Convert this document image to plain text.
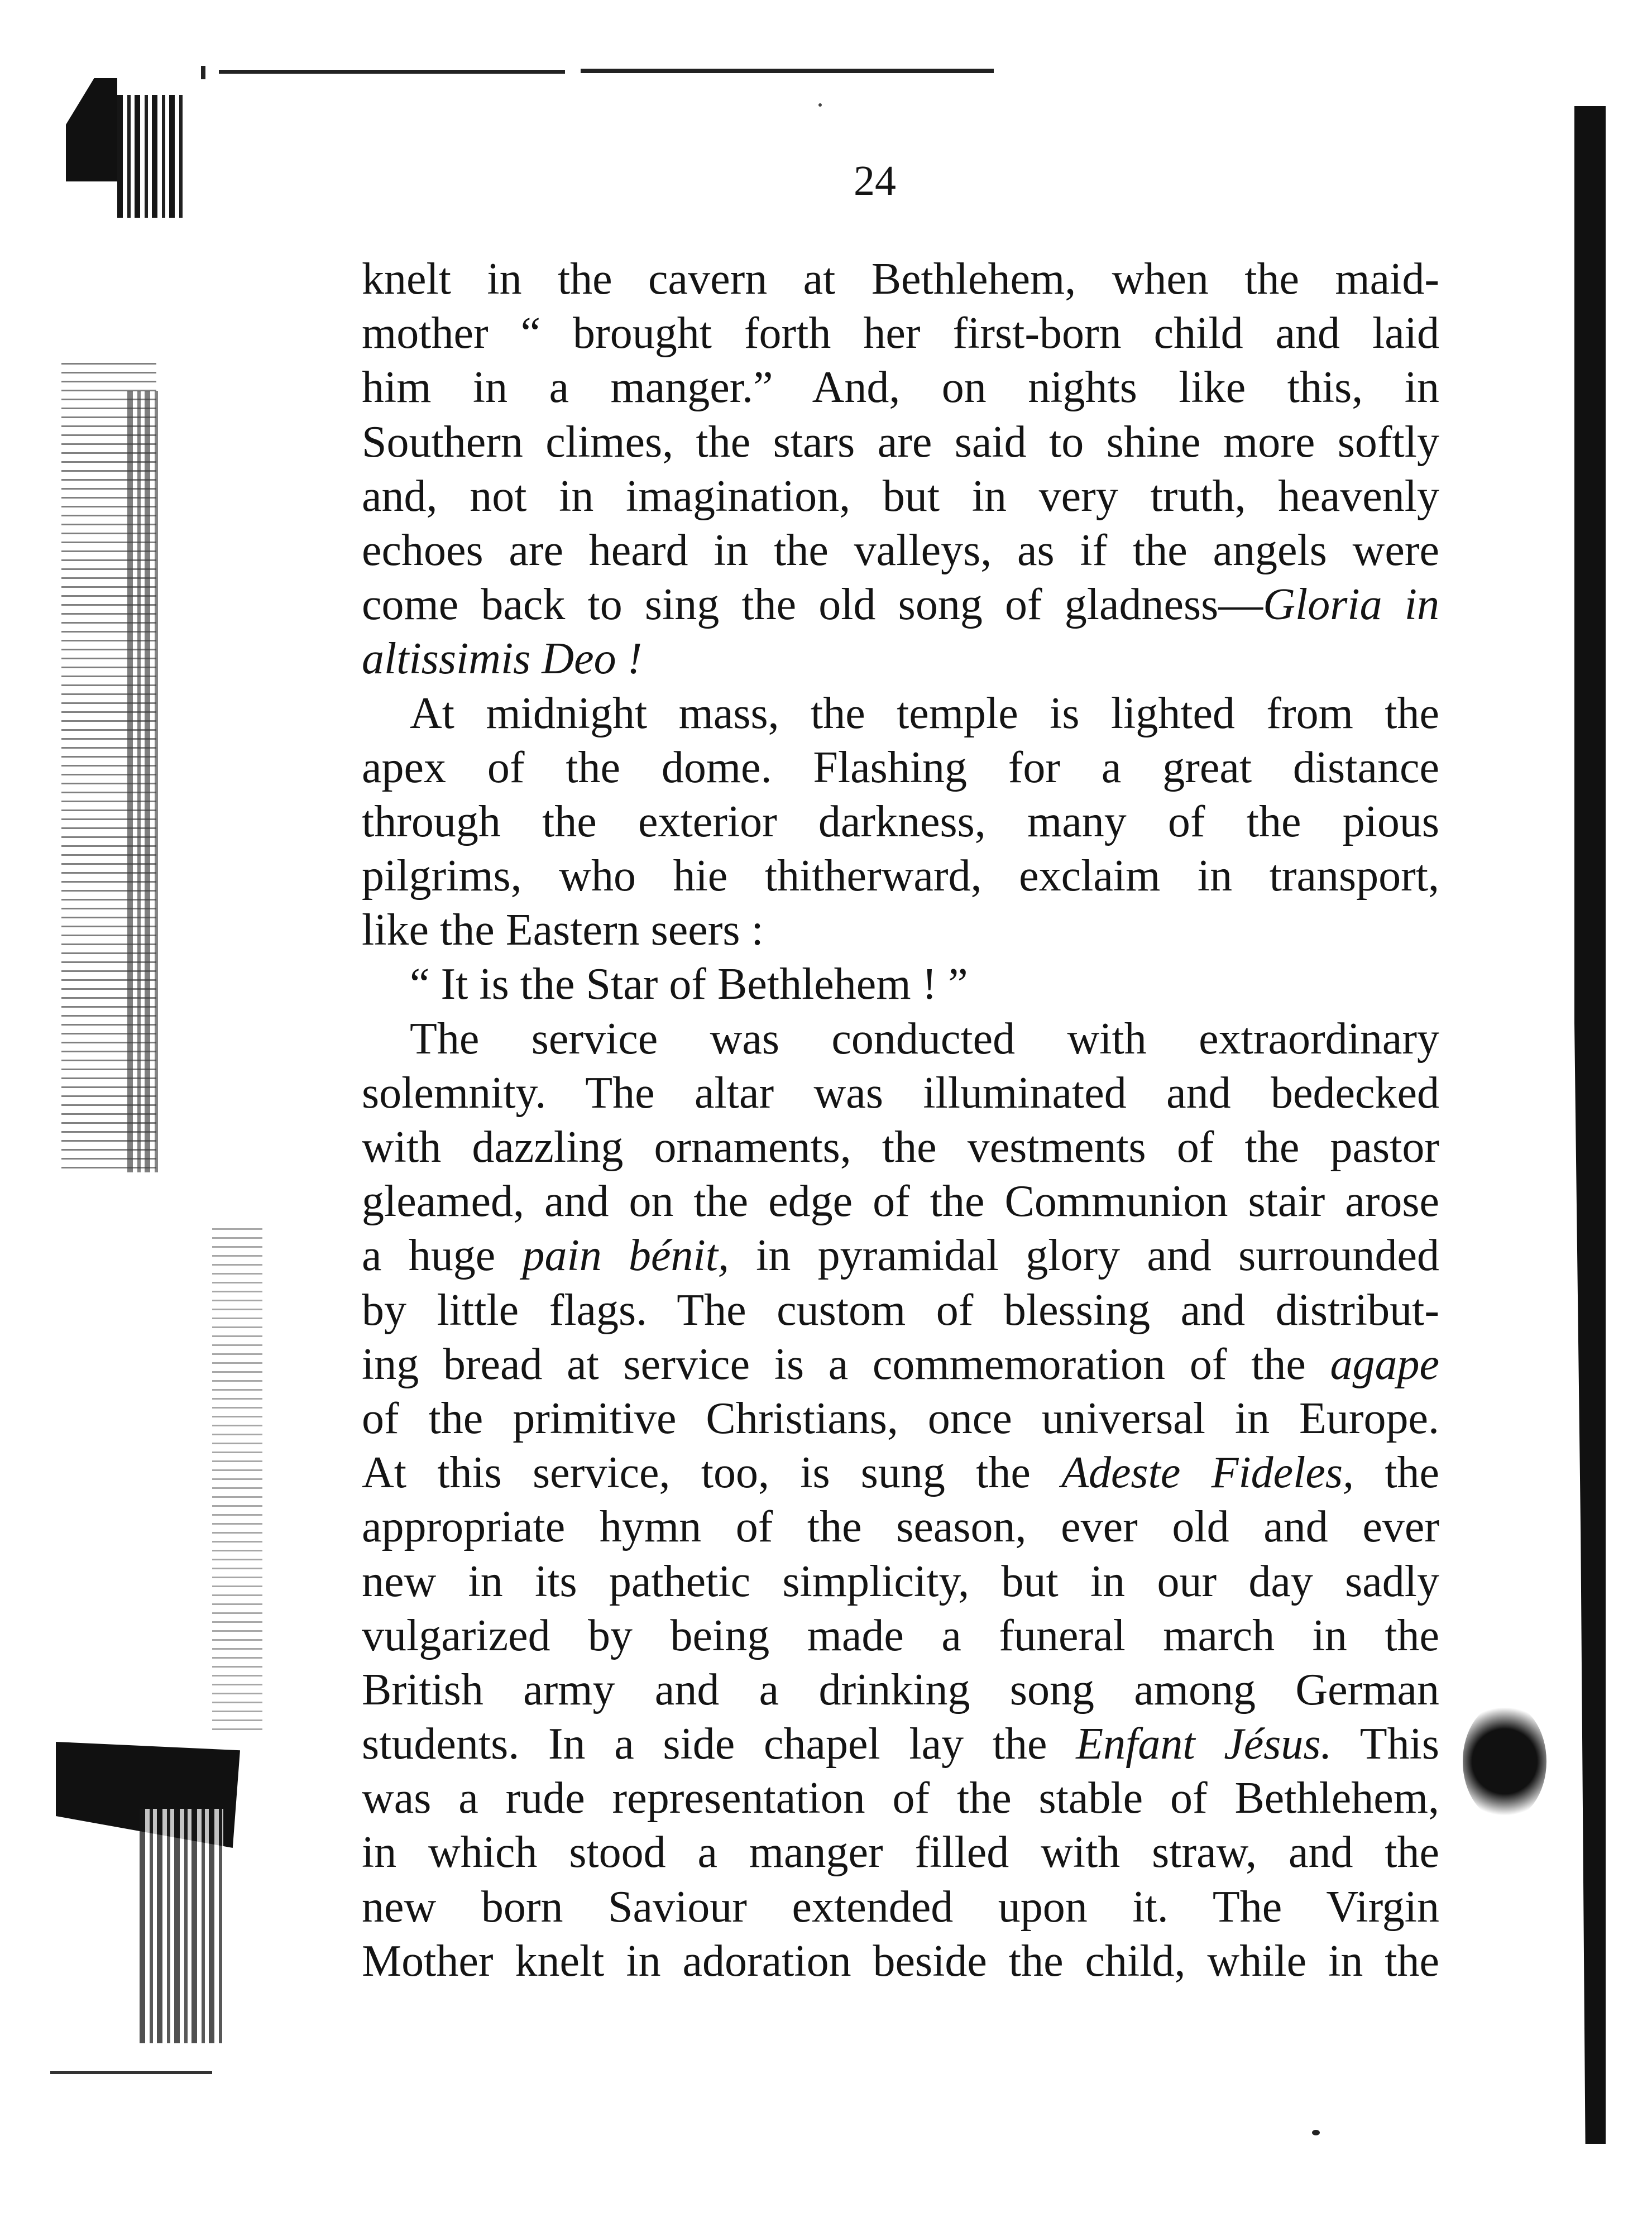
24
knelt in the cavern at Bethlehem, when the maid-
mother “ brought forth her first-born child and laid
him in a manger.” And, on nights like this, in
Southern climes, the stars are said to shine more softly
and, not in imagination, but in very truth, heavenly
echoes are heard in the valleys, as if the angels were
come back to sing the old song of gladness—Gloria in
altissimis Deo !
At midnight mass, the temple is lighted from the
apex of the dome. Flashing for a great distance
through the exterior darkness, many of the pious
pilgrims, who hie thitherward, exclaim in transport,
like the Eastern seers :
“ It is the Star of Bethlehem ! ”
The service was conducted with extraordinary
solemnity. The altar was illuminated and bedecked
with dazzling ornaments, the vestments of the pastor
gleamed, and on the edge of the Communion stair arose
a huge pain bénit, in pyramidal glory and surrounded
by little flags. The custom of blessing and distribut-
ing bread at service is a commemoration of the agape
of the primitive Christians, once universal in Europe.
At this service, too, is sung the Adeste Fideles, the
appropriate hymn of the season, ever old and ever
new in its pathetic simplicity, but in our day sadly
vulgarized by being made a funeral march in the
British army and a drinking song among German
students. In a side chapel lay the Enfant Jésus. This
was a rude representation of the stable of Bethlehem,
in which stood a manger filled with straw, and the
new born Saviour extended upon it. The Virgin
Mother knelt in adoration beside the child, while in the
